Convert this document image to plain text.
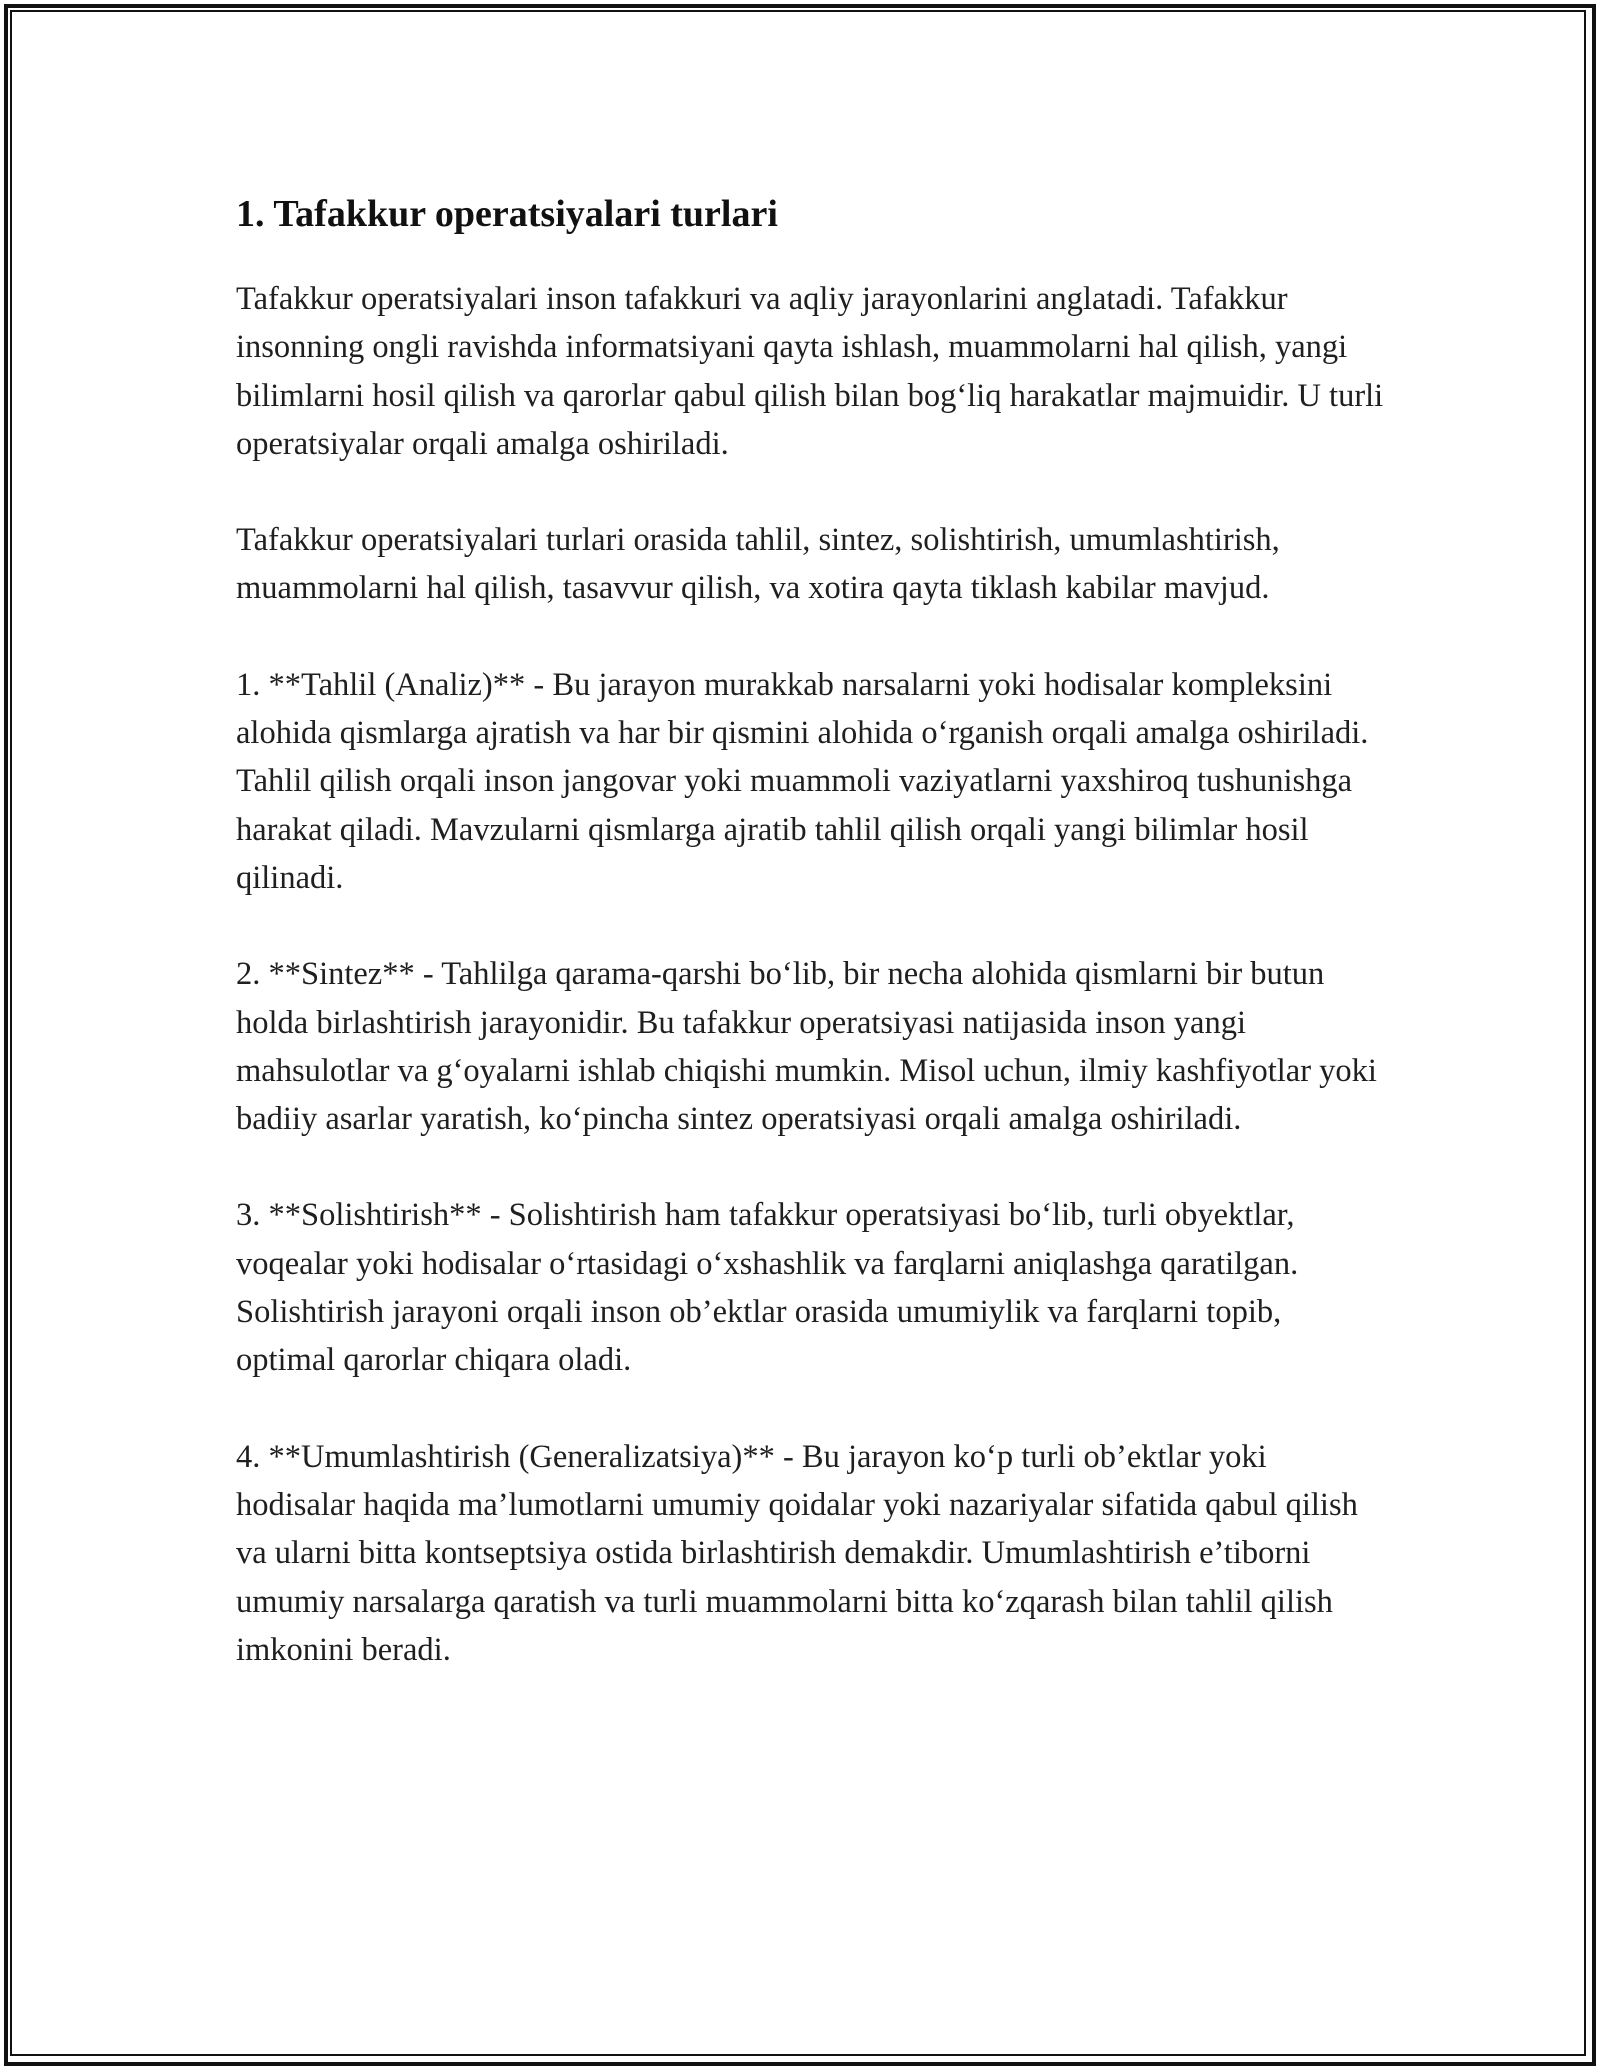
1. Tafakkur operatsiyalari turlari

Tafakkur operatsiyalari inson tafakkuri va aqliy jarayonlarini anglatadi. Tafakkur insonning ongli ravishda informatsiyani qayta ishlash, muammolarni hal qilish, yangi bilimlarni hosil qilish va qarorlar qabul qilish bilan bog‘liq harakatlar majmuidir. U turli operatsiyalar orqali amalga oshiriladi.

Tafakkur operatsiyalari turlari orasida tahlil, sintez, solishtirish, umumlashtirish, muammolarni hal qilish, tasavvur qilish, va xotira qayta tiklash kabilar mavjud.

1. **Tahlil (Analiz)** - Bu jarayon murakkab narsalarni yoki hodisalar kompleksini alohida qismlarga ajratish va har bir qismini alohida o‘rganish orqali amalga oshiriladi. Tahlil qilish orqali inson jangovar yoki muammoli vaziyatlarni yaxshiroq tushunishga harakat qiladi. Mavzularni qismlarga ajratib tahlil qilish orqali yangi bilimlar hosil qilinadi.

2. **Sintez** - Tahlilga qarama-qarshi bo‘lib, bir necha alohida qismlarni bir butun holda birlashtirish jarayonidir. Bu tafakkur operatsiyasi natijasida inson yangi mahsulotlar va g‘oyalarni ishlab chiqishi mumkin. Misol uchun, ilmiy kashfiyotlar yoki badiiy asarlar yaratish, ko‘pincha sintez operatsiyasi orqali amalga oshiriladi.

3. **Solishtirish** - Solishtirish ham tafakkur operatsiyasi bo‘lib, turli obyektlar, voqealar yoki hodisalar o‘rtasidagi o‘xshashlik va farqlarni aniqlashga qaratilgan. Solishtirish jarayoni orqali inson ob’ektlar orasida umumiylik va farqlarni topib, optimal qarorlar chiqara oladi.

4. **Umumlashtirish (Generalizatsiya)** - Bu jarayon ko‘p turli ob’ektlar yoki hodisalar haqida ma’lumotlarni umumiy qoidalar yoki nazariyalar sifatida qabul qilish va ularni bitta kontseptsiya ostida birlashtirish demakdir. Umumlashtirish e’tiborni umumiy narsalarga qaratish va turli muammolarni bitta ko‘zqarash bilan tahlil qilish imkonini beradi.
